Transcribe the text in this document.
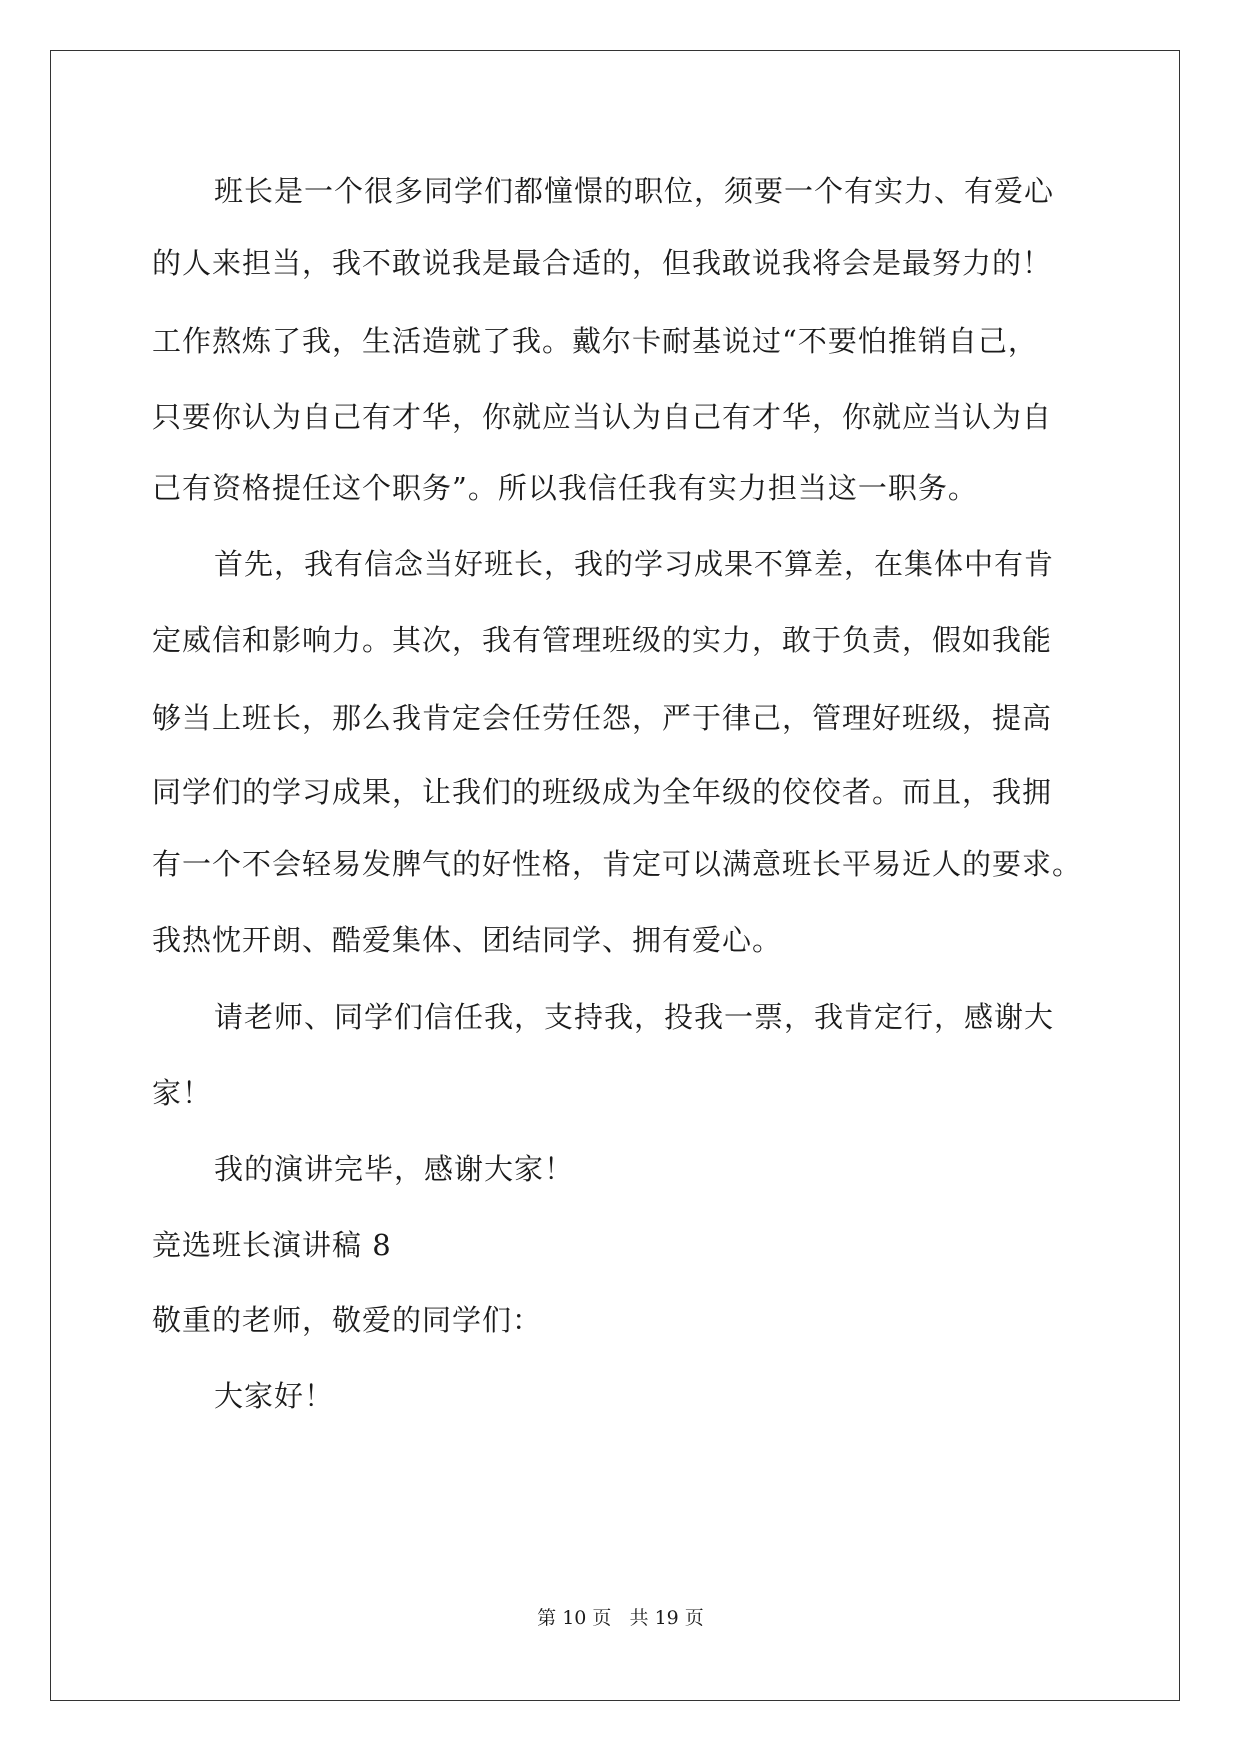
班长是一个很多同学们都憧憬的职位，须要一个有实力、有爱心
的人来担当，我不敢说我是最合适的，但我敢说我将会是最努力的！
工作熬炼了我，生活造就了我。戴尔卡耐基说过“不要怕推销自己，
只要你认为自己有才华，你就应当认为自己有才华，你就应当认为自
己有资格提任这个职务”。所以我信任我有实力担当这一职务。
首先，我有信念当好班长，我的学习成果不算差，在集体中有肯
定威信和影响力。其次，我有管理班级的实力，敢于负责，假如我能
够当上班长，那么我肯定会任劳任怨，严于律己，管理好班级，提高
同学们的学习成果，让我们的班级成为全年级的佼佼者。而且，我拥
有一个不会轻易发脾气的好性格，肯定可以满意班长平易近人的要求。
我热忱开朗、酷爱集体、团结同学、拥有爱心。
请老师、同学们信任我，支持我，投我一票，我肯定行，感谢大
家！
我的演讲完毕，感谢大家！
竞选班长演讲稿 8
敬重的老师，敬爱的同学们：
大家好！
第 10 页   共 19 页
